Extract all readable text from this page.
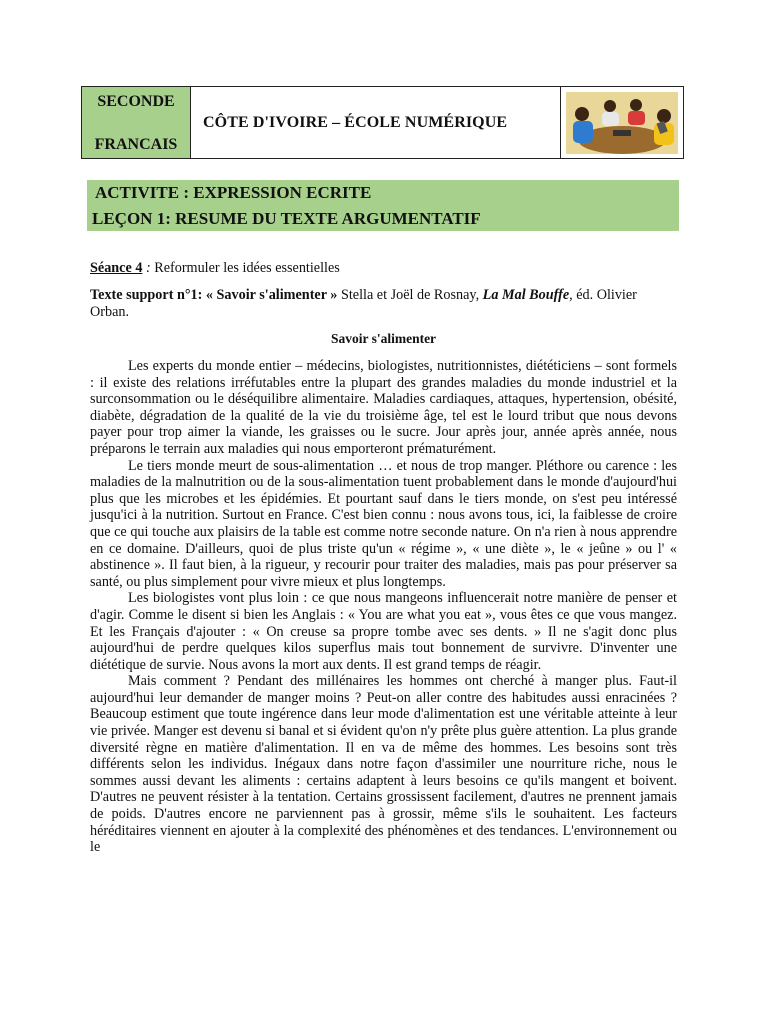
SECONDE
FRANCAIS
CÔTE D'IVOIRE – ÉCOLE NUMÉRIQUE
ACTIVITE : EXPRESSION ECRITE
LEÇON 1: RESUME DU TEXTE ARGUMENTATIF
Séance 4 : Reformuler les idées essentielles
Texte support n°1: « Savoir s'alimenter » Stella et Joël de Rosnay, La Mal Bouffe, éd. Olivier Orban.
Savoir s'alimenter

Les experts du monde entier – médecins, biologistes, nutritionnistes, diététiciens – sont formels : il existe des relations irréfutables entre la plupart des grandes maladies du monde industriel et la surconsommation ou le déséquilibre alimentaire. Maladies cardiaques, attaques, hypertension, obésité, diabète, dégradation de la qualité de la vie du troisième âge, tel est le lourd tribut que nous devons payer pour trop aimer la viande, les graisses ou le sucre. Jour après jour, année après année, nous préparons le terrain aux maladies qui nous emporteront prématurément.

Le tiers monde meurt de sous-alimentation … et nous de trop manger. Pléthore ou carence : les maladies de la malnutrition ou de la sous-alimentation tuent probablement dans le monde d'aujourd'hui plus que les microbes et les épidémies. Et pourtant sauf dans le tiers monde, on s'est peu intéressé jusqu'ici à la nutrition. Surtout en France. C'est bien connu : nous avons tous, ici, la faiblesse de croire que ce qui touche aux plaisirs de la table est comme notre seconde nature. On n'a rien à nous apprendre en ce domaine. D'ailleurs, quoi de plus triste qu'un « régime », « une diète », le « jeûne » ou l' « abstinence ». Il faut bien, à la rigueur, y recourir pour traiter des maladies, mais pas pour préserver sa santé, ou plus simplement pour vivre mieux et plus longtemps.

Les biologistes vont plus loin : ce que nous mangeons influencerait notre manière de penser et d'agir. Comme le disent si bien les Anglais : « You are what you eat », vous êtes ce que vous mangez. Et les Français d'ajouter : « On creuse sa propre tombe avec ses dents. » Il ne s'agit donc plus aujourd'hui de perdre quelques kilos superflus mais tout bonnement de survivre. D'inventer une diététique de survie. Nous avons la mort aux dents. Il est grand temps de réagir.

Mais comment ? Pendant des millénaires les hommes ont cherché à manger plus. Faut-il aujourd'hui leur demander de manger moins ? Peut-on aller contre des habitudes aussi enracinées ? Beaucoup estiment que toute ingérence dans leur mode d'alimentation est une véritable atteinte à leur vie privée. Manger est devenu si banal et si évident qu'on n'y prête plus guère attention. La plus grande diversité règne en matière d'alimentation. Il en va de même des hommes. Les besoins sont très différents selon les individus. Inégaux dans notre façon d'assimiler une nourriture riche, nous le sommes aussi devant les aliments : certains adaptent à leurs besoins ce qu'ils mangent et boivent. D'autres ne peuvent résister à la tentation. Certains grossissent facilement, d'autres ne prennent jamais de poids. D'autres encore ne parviennent pas à grossir, même s'ils le souhaitent. Les facteurs héréditaires viennent en ajouter à la complexité des phénomènes et des tendances. L'environnement ou le
